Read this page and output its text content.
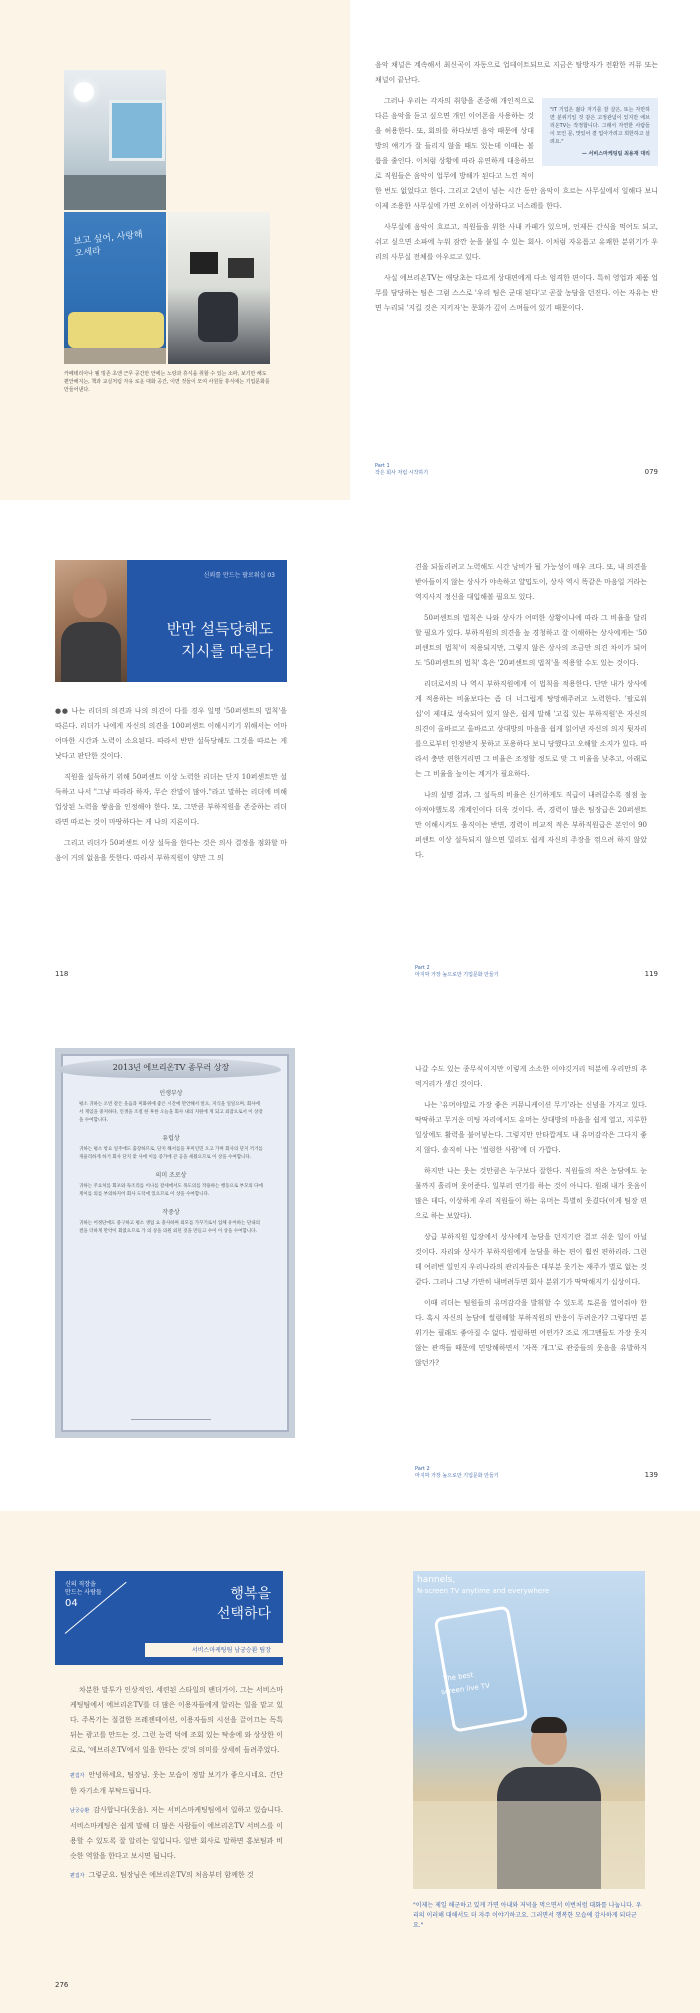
보고 싶어, 사랑해 오세라
카페테리아나 웰 빙존 초엔 근무 공간만 안에는 노랑과 휴식을 취할 수 있는 소파, 보기만 해도 편안해지는, 책과 교실처럼 자유 로운 대화 공간, 이면 것들이 모여 사원들 휴식에는 기업문화를 만들어낸다.

음악 채널은 계속해서 최신곡이 자동으로 업데이트되므로 지금은 탐방자가 전환한 커뮤 또는 채널이 끝난다.

"IT 기업은 젊다 자기를 잘 살은, 또는 자만하면 분위기일 것 같은 고정관념이 있지만 에브리온TV는 작정합니다. 그래서 자연한 사람들이 모인 문, 맛있어 곁 업아가려고 희한하고 살려요."
— 서비스마케팅팀 최용재 대리

그러나 우리는 각자의 취향을 존중해 개인적으로 다른 음악을 듣고 싶으면 개인 이어폰을 사용하는 것을 허용한다. 또, 회의를 하다보면 음악 때문에 상대방의 얘기가 잘 들리지 않을 때도 있는데 이때는 볼륨을 줄인다. 이처럼 상황에 따라 유연하게 대응하므로 직원들은 음악이 업무에 방해가 된다고 느낀 적이 한 번도 없었다고 한다. 그리고 2년이 넘는 시간 동안 음악이 흐르는 사무실에서 일해다 보니 이제 조용한 사무실에 가면 오히려 이상하다고 너스레를 한다.

사무실에 음악이 흐르고, 직원들을 위한 사내 카페가 있으며, 언제든 간식을 먹어도 되고, 쉬고 싶으면 소파에 누워 잠깐 눈을 붙일 수 있는 회사. 이처럼 자유롭고 유쾌한 분위기가 우리의 사무실 전체를 아우르고 있다.

사실 에브리온TV는 애당초는 다르게 상대편에게 다소 엄격한 편이다. 특히 영업과 제품 업무를 담당하는 팀은 그럼 스스로 '우리 팀은 군대 된다'고 곧잘 농담을 던진다. 이는 자유는 반면 누리되 '지킬 것은 지키자'는 문화가 깊이 스며들어 있기 때문이다.

Part 1
작은 회사 처럼 시작하기	079
신뢰를 만드는 팔로워십 03
반만 설득당해도
지시를 따른다

●● 나는 리더의 의견과 나의 의견이 다를 경우 일명 '50퍼센트의 법칙'을 따른다. 리더가 나에게 자신의 의견을 100퍼센트 이해시키기 위해서는 어마어마한 시간과 노력이 소요된다. 따라서 반만 설득당해도 그것을 따르는 게 낫다고 판단한 것이다.

직원을 설득하기 위해 50퍼센트 이상 노력한 리더는 단지 10퍼센트만 설득하고 나서 "그냥 따라라 하자, 무슨 잔말이 많아."라고 말하는 리더에 비해 업상된 노력을 쌓음을 인정해야 한다. 또, 그만큼 부하직원을 존중하는 리더라면 따르는 것이 마땅하다는 게 나의 지론이다.

그리고 리더가 50퍼센트 이상 설득을 한다는 것은 의사 결정을 점화할 마음이 거의 없음을 뜻한다. 따라서 부하직원이 양만 그 의

118

견을 되돌리려고 노력해도 시간 낭비가 될 가능성이 매우 크다. 또, 내 의견을 받아들이지 않는 상사가 야속하고 얄밉도이, 상사 역시 똑같은 마음일 거라는 역지사지 정신을 대입해볼 필요도 있다.

50퍼센트의 법칙은 나와 상사가 어떠한 상황이나에 따라 그 비율을 달리할 필요가 있다. 부하직원의 의견을 높 경청하고 잘 이해하는 상사에게는 '50퍼센트의 법칙'이 적용되지만, 그렇지 않은 상사의 조금만 의견 차이가 되어도 '50퍼센트의 법칙' 혹은 '20퍼센트의 법칙'을 적용할 수도 있는 것이다.

리더로서의 나 역시 부하직원에게 이 법칙을 적용한다. 단만 내가 상사에게 적용하는 비율보다는 좀 더 너그럽게 탕망해주려고 노력한다. '팔로워십'이 제대로 성숙되어 있지 않은, 쉽게 말해 '고집 있는 부하직원'은 자신의 의견이 올바르고 올바르고 상대방의 마음을 쉽게 읽어낸 자신의 의지 뒷자리를으로부터 인정받지 못하고 포용하다 보니 당했다고 오해할 소지가 있다. 따라서 충만 편한거리면 그 비율은 조정할 정도로 맞 그 비율을 낮추고, 아래로는 그 비율을 높이는 계거가 필요하다.

나의 설명 결과, 그 설득의 비율은 신기하게도 직급이 내려갈수록 점점 높아져야했도록 개계인이다 더욱 것이다. 즉, 경력이 많은 팀장급은 20퍼센트만 이해시켜도 움직이는 반면, 경력이 비교적 적은 부하직원급은 본인이 90퍼센트 이상 설득되지 않으면 밀리도 쉽게 자신의 주장을 꺾으려 하지 않았다.

Part 2
마지막 가장 높으로만 기업문화 만들기	119
2013년 에브리온TV 종무러 상장
인생부상
평소 귀하는 오빈 같은 웃음과 미화위에 좋은 시간에 만안해서 알으, 지식을 일일으며, 회사에서 게임을 중저하다, 인생을 조절 한 후한 오늘을 회사 내의 지원에 게 되고 외잠으로서 이 상장을 수여합니다.
유럽상
귀하는 평소 항요 일주에도 출장하므로, 단지 해서를을 후미인민 오고 가며 회사의 단지 끼거를 개율리하게 하거 회사 단지 맞 사에 이를 증가에 큰 공을 세웠으므로 이 상을 수여합니다.
의미 조로상
귀하는 주요처를 회포와 독조리를 이나를 잘세에서도 목도의를 작용하는 행동으로 부모의 다에게이를 의를 부의하지어 회사 도덕에 있으므로 이 상을 수여합니다.
작중상
귀하는 어정단에도 중구하고 평소 생업 요 충사하며 외모를 가꾸기로서 업체 유어하는 단내의 결을 더하게 만약이 회였으므로 가 의 상을 의원 외된 것을 만들고 수이 이 상을 수여합니다.

나갈 수도 있는 종무식이지만 이렇게 소소한 이야깃거리 덕분에 우리만의 추억거리가 생긴 것이다.

나는 '유머야말로 가장 좋은 커뮤니케이션 무기'라는 신념을 가지고 있다. 딱딱하고 무거운 미팅 자리에서도 유머는 상대방의 마음을 쉽게 열고, 지루한 일상에도 활력을 불어넣는다. 그렇지만 안타깝게도 내 유머감각은 그다지 좋지 않다. 솔직히 나는 '썰렁한 사람'에 더 가깝다.

하지만 나는 웃는 것만큼은 누구보다 잘한다. 직원들의 작은 농담에도 눈물까지 흘리며 웃어준다. 일부러 연기를 하는 것이 아니다. 원래 내가 웃음이 많은 데다, 이상하게 우리 직원들이 하는 유머는 특별히 웃겼다(이게 팀장 편으로 하는 보았다).

상급 부하직원 입장에서 상사에게 농담을 던지기란 결코 쉬운 일이 아닐 것이다. 자리와 상사가 부하직원에게 농담을 하는 편이 훨씬 편하리라. 그런데 여러번 일인지 우리나라의 관리자들은 대부분 웃기는 재주가 별로 없는 것 같다. 그러나 그냥 가만히 내버려두면 회사 분위기가 딱딱해지기 십상이다.

이때 리더는 팀원들의 유머감각을 발휘할 수 있도록 토론을 열어줘야 한다. 혹시 자신의 농담에 썰렁해할 부하직원의 반응이 두려운가? 그렇다면 분위기는 필래도 좋아질 수 없다. 썰렁하면 어떤가? 조로 개그맨들도 가장 웃지 않는 관객들 때문에 민망해하면서 '자폭 개그'로 관중들의 웃음을 유발하지 않던가?

Part 2
마지막 가장 높으로만 기업문화 만들기	139
신의 직장을
만드는 사람들
04
행복을
선택하다
서비스마케팅팀 남궁승환 팀장

차분한 말투가 인상적인, 세련된 스타일의 팬더가이. 그는 서비스마케팅팀에서 에브리온TV를 더 많은 이용자들에게 알리는 일을 맡고 있다. 주목기는 절결한 프레젠테이션, 이용자들의 시선을 끌어끄는 독특 뒤는 광고를 만드는 것. 그런 능력 덕에 조회 있는 탁송에 와 상상한 이로로, '에브리온TV에서 일을 한다는 것'의 의미를 상세히 들려주었다.

편집자 안녕하세요, 팀장님. 웃는 모습이 정말 보기가 좋으시네요. 간단한 자기소개 부탁드립니다.
남궁승환 감사합니다(웃음). 저는 서비스마케팅팀에서 일하고 있습니다. 서비스마케팅은 쉽게 말해 더 많은 사람들이 에브리온TV 서비스를 이용할 수 있도록 잘 알리는 일입니다. 일반 회사로 말하면 홍보팀과 비슷한 역할을 한다고 보시면 됩니다.
편집자 그렇군요. 팀장님은 에브리온TV의 처음부터 함께한 것
276
hannels,
N-screen TV anytime and everywhere
The best
screen live TV
"이제는 제일 해군하고 있게 가면 아내와 저녁을 먹으면서 이번처럼 대화를 나눕니다. 우리의 이러해 대해서도 더 자주 이야기하고요. 그러면서 행복한 모습에 감사하게 되더군요."
